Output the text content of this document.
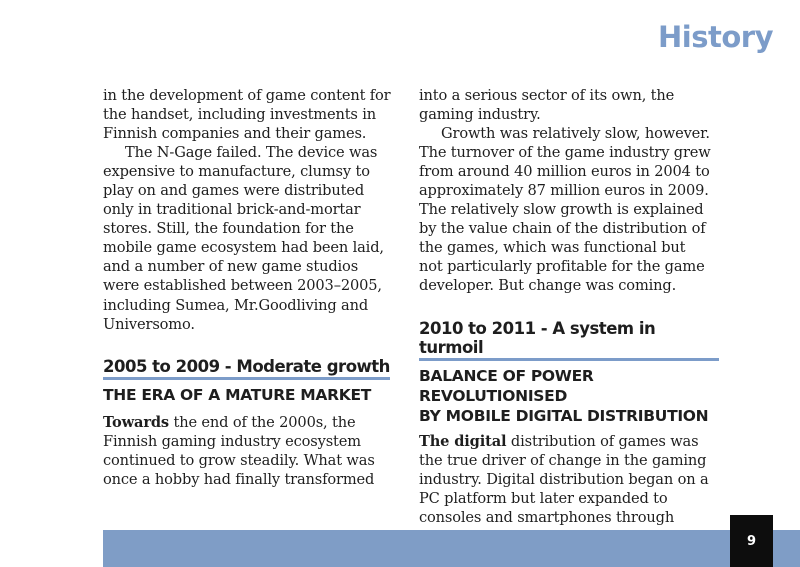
History

in the development of game content for
the handset, including investments in
Finnish companies and their games.

The N-Gage failed. The device was
expensive to manufacture, clumsy to
play on and games were distributed
only in traditional brick-and-mortar
stores. Still, the foundation for the
mobile game ecosystem had been laid,
and a number of new game studios
were established between 2003–2005,
including Sumea, Mr.Goodliving and
Universomo.

2005 to 2009 - Moderate growth
THE ERA OF A MATURE MARKET

Towards the end of the 2000s, the
Finnish gaming industry ecosystem
continued to grow steadily. What was
once a hobby had finally transformed

into a serious sector of its own, the
gaming industry.

Growth was relatively slow, however.
The turnover of the game industry grew
from around 40 million euros in 2004 to
approximately 87 million euros in 2009.
The relatively slow growth is explained
by the value chain of the distribution of
the games, which was functional but
not particularly profitable for the game
developer. But change was coming.

2010 to 2011 - A system in turmoil
BALANCE OF POWER REVOLUTIONISED
BY MOBILE DIGITAL DISTRIBUTION

The digital distribution of games was
the true driver of change in the gaming
industry. Digital distribution began on a
PC platform but later expanded to
consoles and smartphones through

9
